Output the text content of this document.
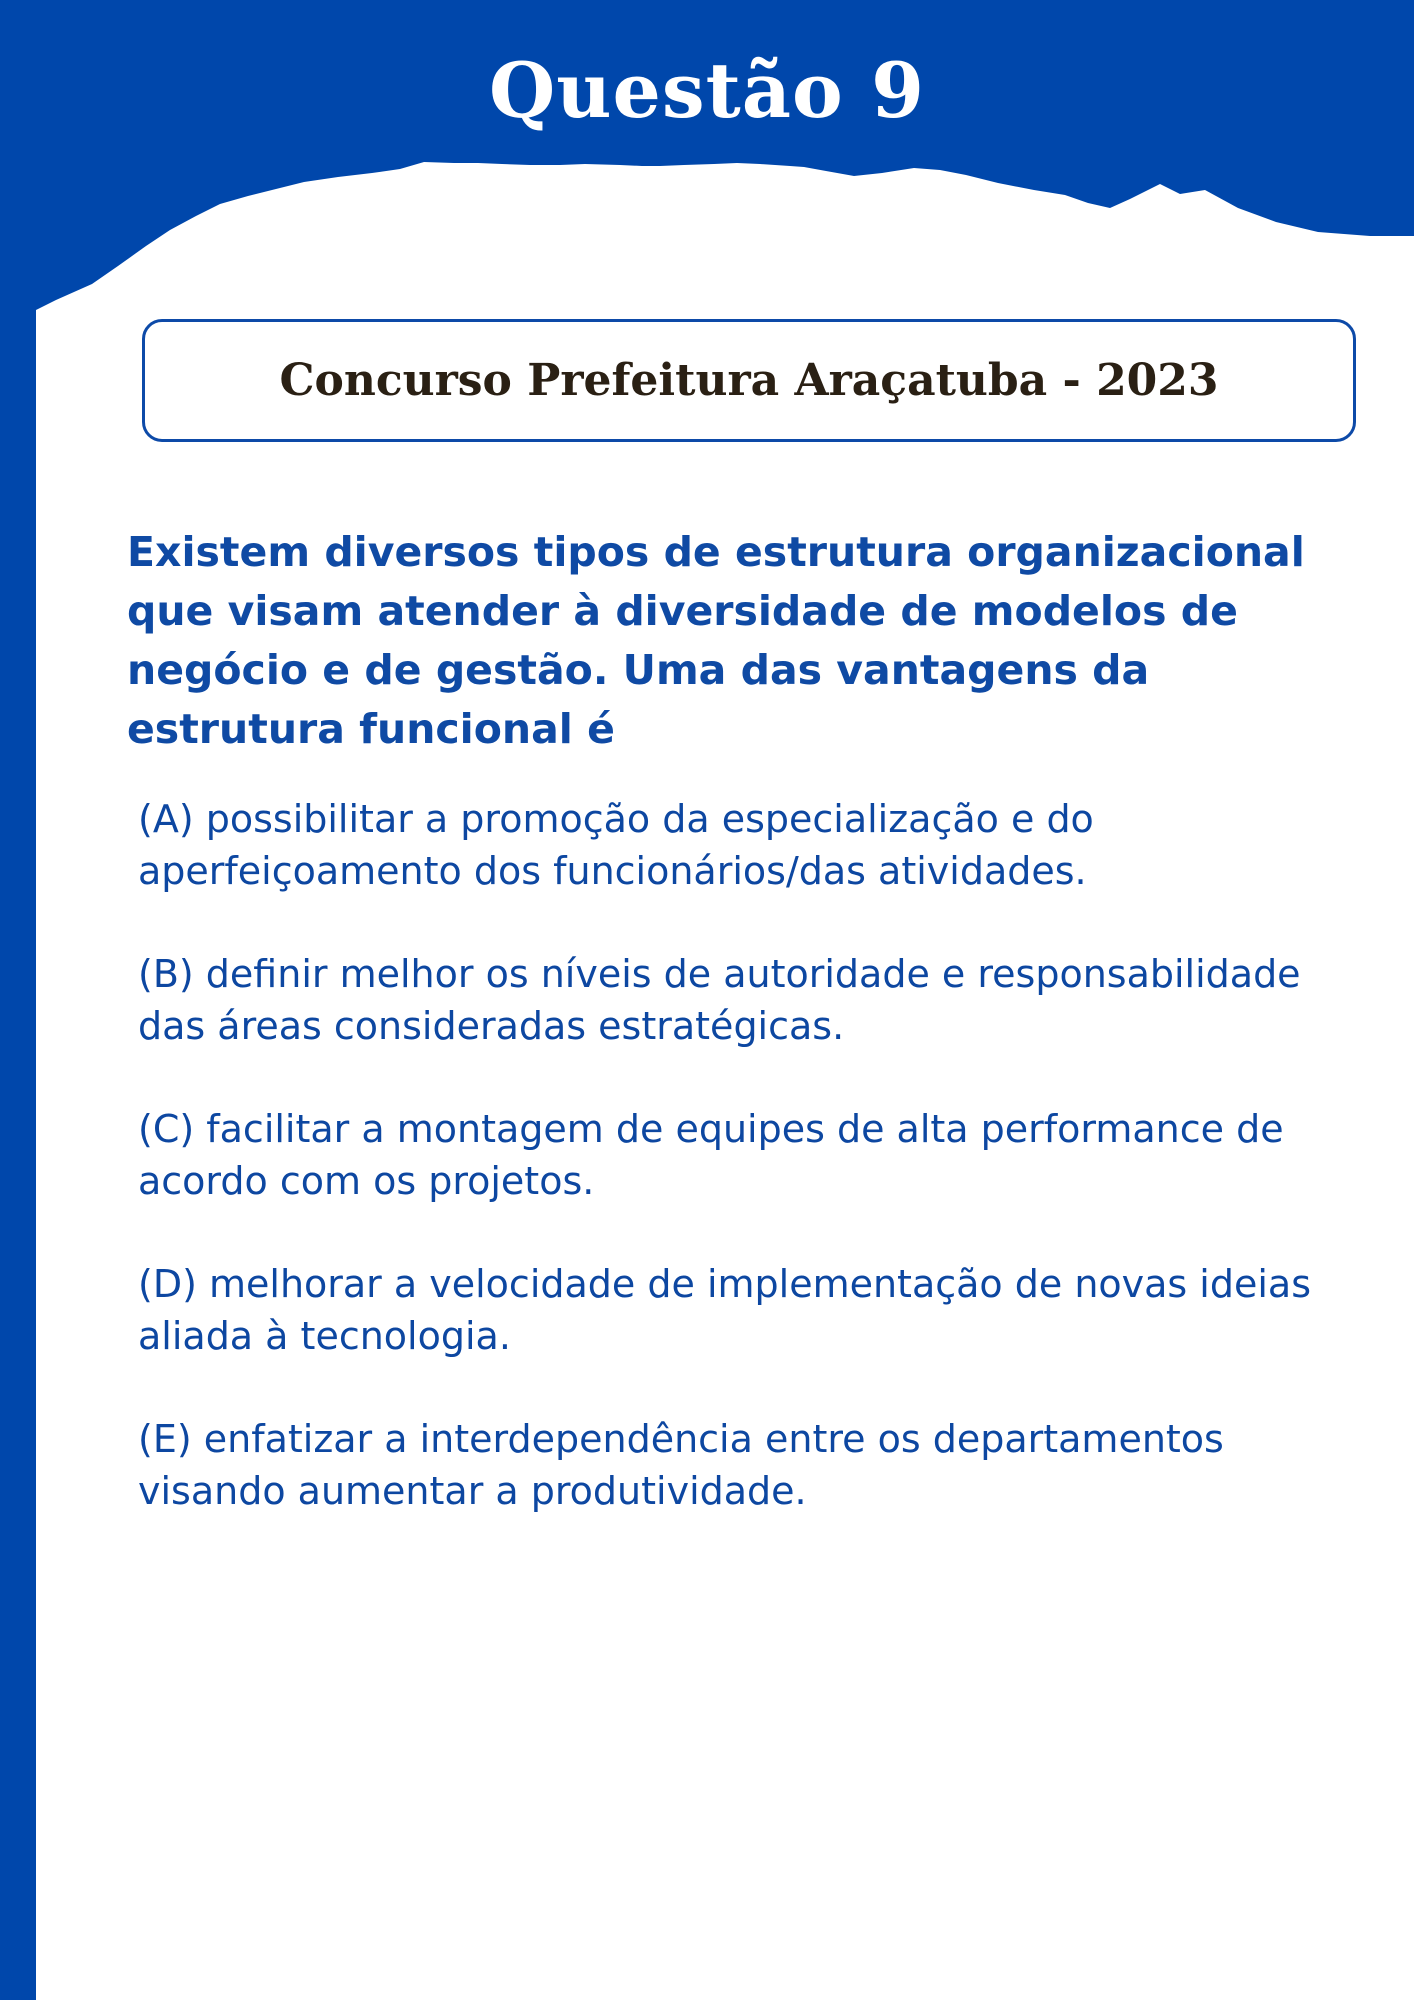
Questão 9
Concurso Prefeitura Araçatuba - 2023

Existem diversos tipos de estrutura organizacional que visam atender à diversidade de modelos de negócio e de gestão. Uma das vantagens da estrutura funcional é

(A) possibilitar a promoção da especialização e do aperfeiçoamento dos funcionários/das atividades.
(B) definir melhor os níveis de autoridade e responsabilidade das áreas consideradas estratégicas.
(C) facilitar a montagem de equipes de alta performance de acordo com os projetos.
(D) melhorar a velocidade de implementação de novas ideias aliada à tecnologia.
(E) enfatizar a interdependência entre os departamentos visando aumentar a produtividade.
